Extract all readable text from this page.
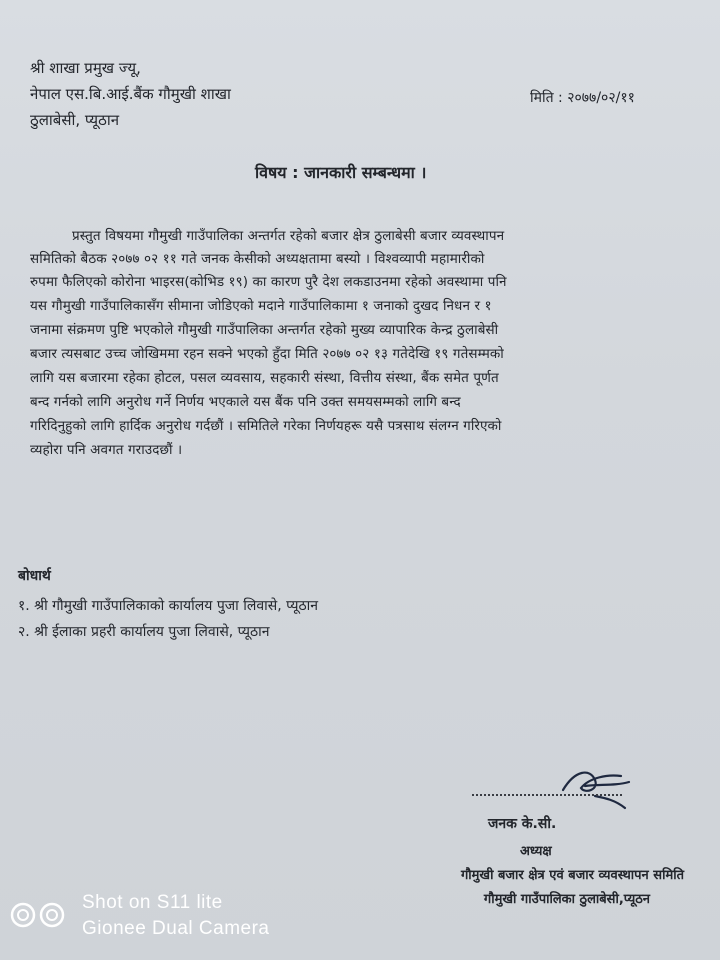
श्री शाखा प्रमुख ज्यू,
नेपाल एस.बि.आई.बैंक गौमुखी शाखा
ठुलाबेसी, प्यूठान
मिति : २०७७/०२/११
विषय : जानकारी सम्बन्धमा ।
प्रस्तुत विषयमा गौमुखी गाउँपालिका अन्तर्गत रहेको बजार क्षेत्र ठुलाबेसी बजार व्यवस्थापन
समितिको बैठक २०७७ ०२ ११ गते जनक केसीको अध्यक्षतामा बस्यो । विश्वव्यापी महामारीको
रुपमा फैलिएको कोरोना भाइरस(कोभिड १९) का कारण पुरै देश लकडाउनमा रहेको अवस्थामा पनि
यस गौमुखी गाउँपालिकासँग सीमाना जोडिएको मदाने गाउँपालिकामा १ जनाको दुखद निधन र १
जनामा संक्रमण पुष्टि भएकोले गौमुखी गाउँपालिका अन्तर्गत रहेको मुख्य व्यापारिक केन्द्र ठुलाबेसी
बजार त्यसबाट उच्च जोखिममा रहन सक्ने भएको हुँदा मिति २०७७ ०२ १३ गतेदेखि १९ गतेसम्मको
लागि यस बजारमा रहेका होटल, पसल व्यवसाय, सहकारी संस्था, वित्तीय संस्था, बैंक समेत पूर्णत
बन्द गर्नको लागि अनुरोध गर्ने निर्णय भएकाले यस बैंक पनि उक्त समयसम्मको लागि बन्द
गरिदिनुहुको लागि हार्दिक अनुरोध गर्दछौं । समितिले गरेका निर्णयहरू यसै पत्रसाथ संलग्न गरिएको
व्यहोरा पनि अवगत गराउदछौं ।
बोधार्थ
१. श्री गौमुखी गाउँपालिकाको कार्यालय पुजा लिवासे, प्यूठान
२. श्री ईलाका प्रहरी कार्यालय पुजा लिवासे, प्यूठान
जनक के.सी.
अध्यक्ष
गौमुखी बजार क्षेत्र एवं बजार व्यवस्थापन समिति
गौमुखी गाउँपालिका ठुलाबेसी,प्यूठन
Shot on S11 lite
Gionee Dual Camera
